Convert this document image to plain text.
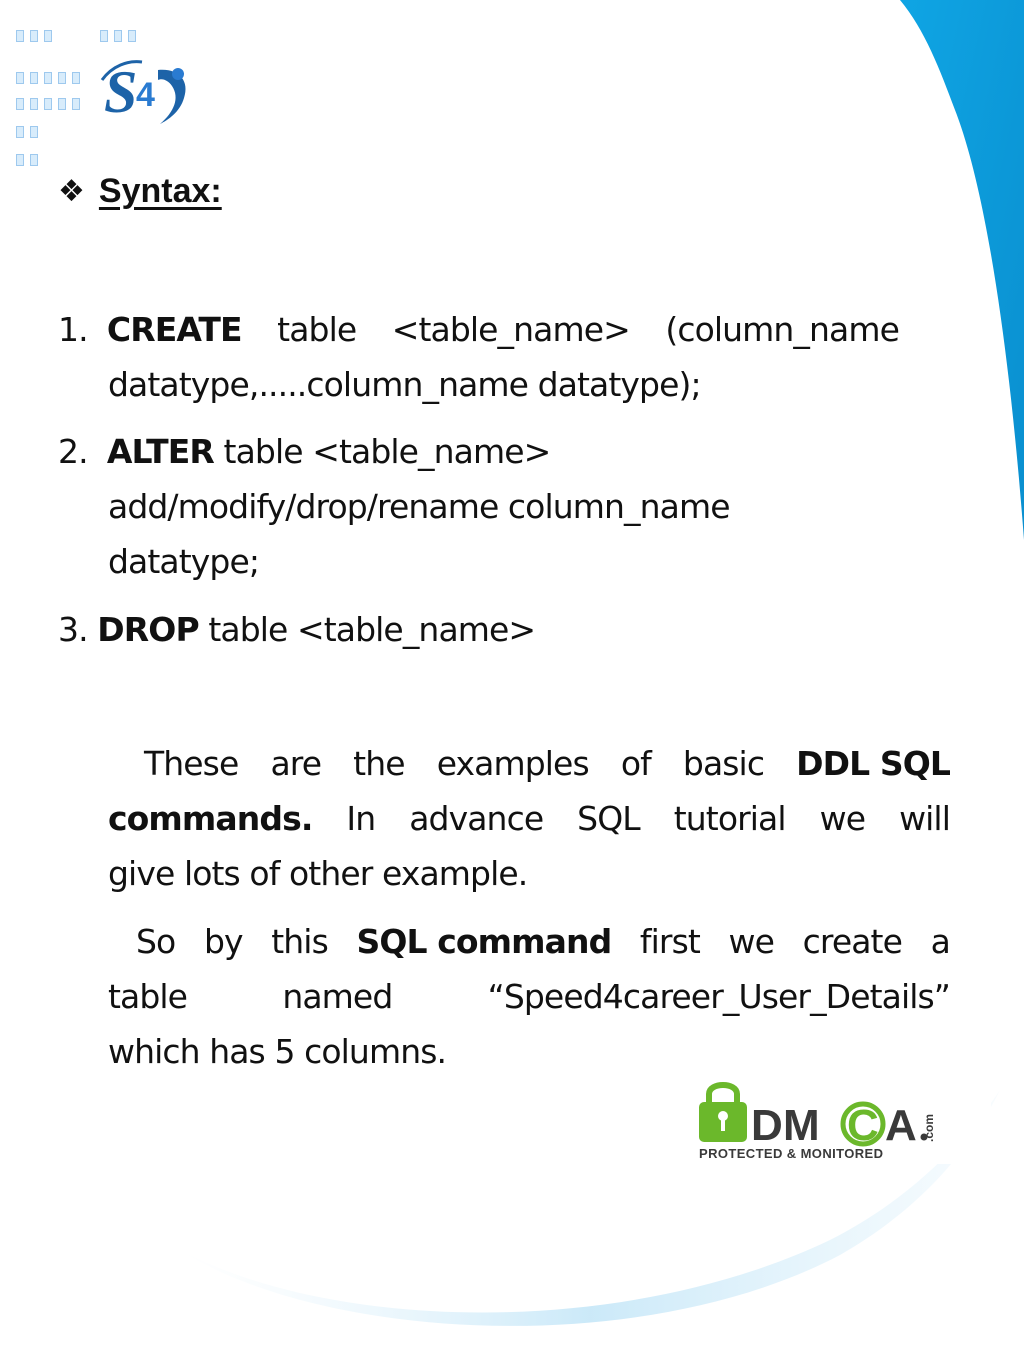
S
4
❖ Syntax:
1. CREATE table <table_name> (column_name
datatype,.....column_name datatype);
2. ALTER table <table_name>
add/modify/drop/rename column_name
datatype;
3. DROP table <table_name>
These are the examples of basic DDL SQL
commands. In advance SQL tutorial we will
give lots of other example.
So by this SQL command first we create a
table	named	“Speed4career_User_Details”
which has 5 columns.
D M C A .com
PROTECTED & MONITORED
